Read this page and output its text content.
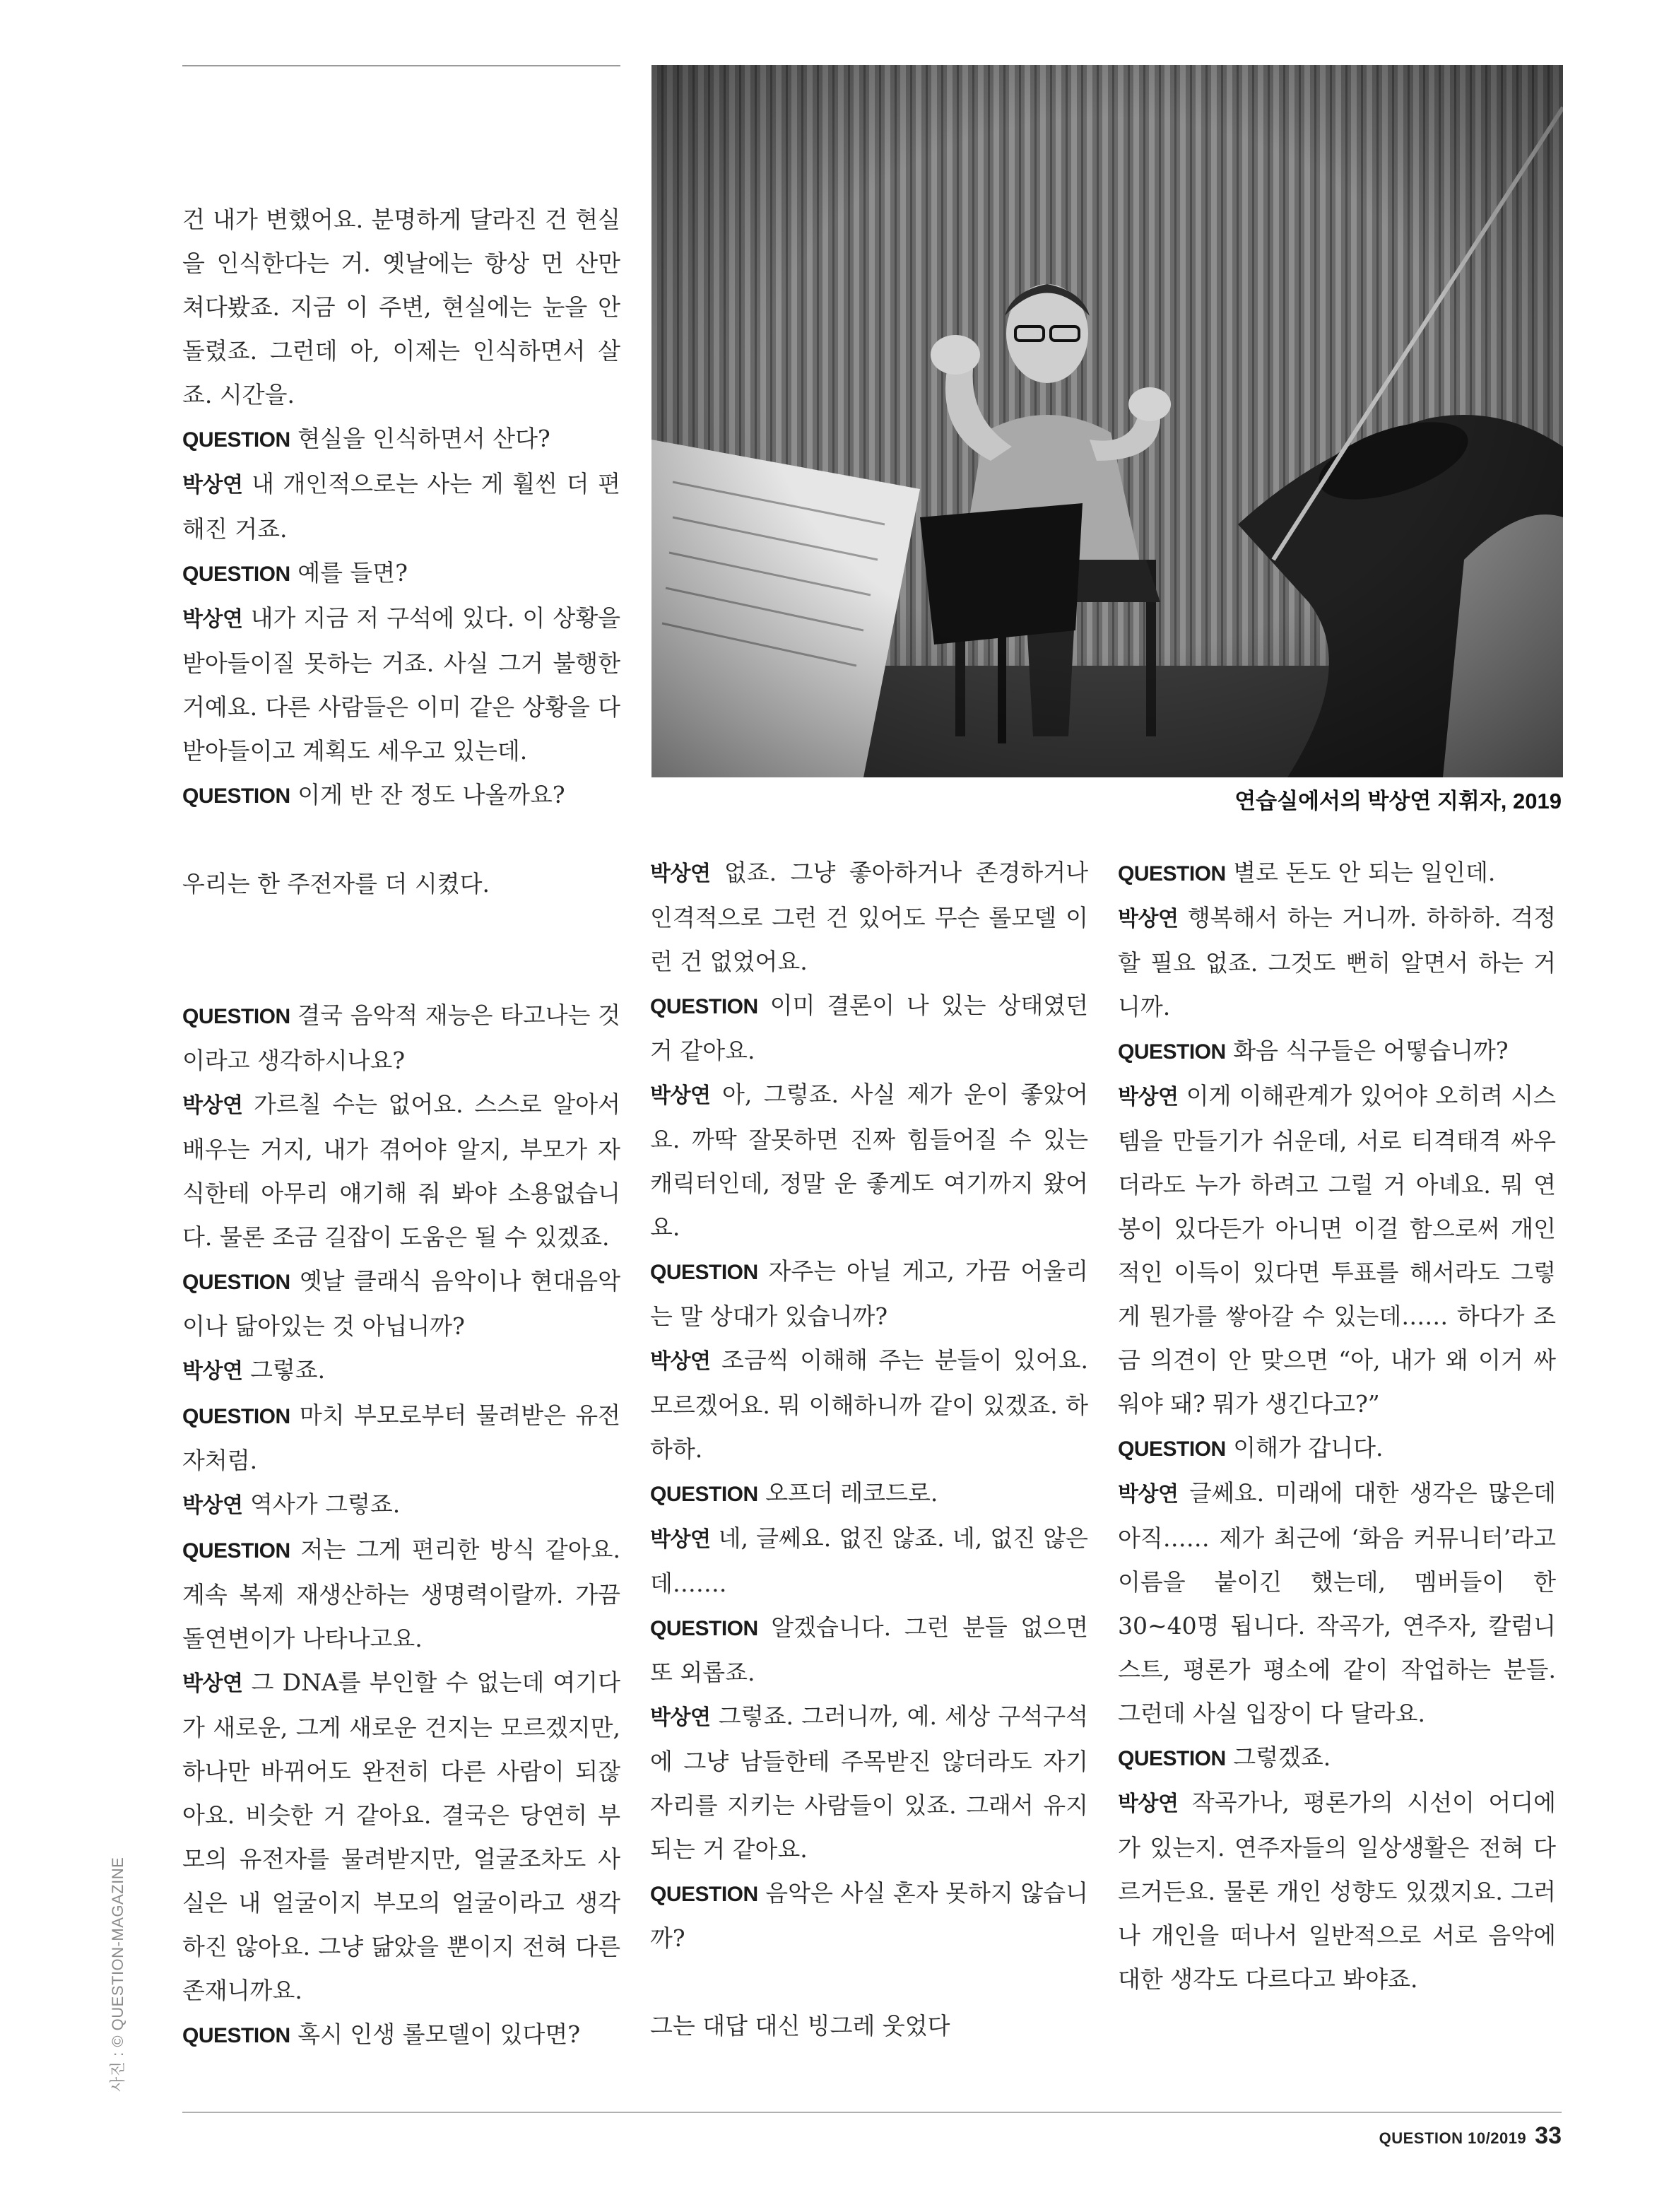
건 내가 변했어요. 분명하게 달라진 건 현실을 인식한다는 거. 옛날에는 항상 먼 산만 쳐다봤죠. 지금 이 주변, 현실에는 눈을 안 돌렸죠. 그런데 아, 이제는 인식하면서 살죠. 시간을.

QUESTION 현실을 인식하면서 산다?

박상연 내 개인적으로는 사는 게 훨씬 더 편해진 거죠.

QUESTION 예를 들면?

박상연 내가 지금 저 구석에 있다. 이 상황을 받아들이질 못하는 거죠. 사실 그거 불행한 거예요. 다른 사람들은 이미 같은 상황을 다 받아들이고 계획도 세우고 있는데.

QUESTION 이게 반 잔 정도 나올까요?

우리는 한 주전자를 더 시켰다.

QUESTION 결국 음악적 재능은 타고나는 것이라고 생각하시나요?

박상연 가르칠 수는 없어요. 스스로 알아서 배우는 거지, 내가 겪어야 알지, 부모가 자식한테 아무리 얘기해 줘 봐야 소용없습니다. 물론 조금 길잡이 도움은 될 수 있겠죠.

QUESTION 옛날 클래식 음악이나 현대음악이나 닮아있는 것 아닙니까?

박상연 그렇죠.

QUESTION 마치 부모로부터 물려받은 유전자처럼.

박상연 역사가 그렇죠.

QUESTION 저는 그게 편리한 방식 같아요. 계속 복제 재생산하는 생명력이랄까. 가끔 돌연변이가 나타나고요.

박상연 그 DNA를 부인할 수 없는데 여기다가 새로운, 그게 새로운 건지는 모르겠지만, 하나만 바뀌어도 완전히 다른 사람이 되잖아요. 비슷한 거 같아요. 결국은 당연히 부모의 유전자를 물려받지만, 얼굴조차도 사실은 내 얼굴이지 부모의 얼굴이라고 생각하진 않아요. 그냥 닮았을 뿐이지 전혀 다른 존재니까요.

QUESTION 혹시 인생 롤모델이 있다면?

연습실에서의 박상연 지휘자, 2019

박상연 없죠. 그냥 좋아하거나 존경하거나 인격적으로 그런 건 있어도 무슨 롤모델 이런 건 없었어요.

QUESTION 이미 결론이 나 있는 상태였던 거 같아요.

박상연 아, 그렇죠. 사실 제가 운이 좋았어요. 까딱 잘못하면 진짜 힘들어질 수 있는 캐릭터인데, 정말 운 좋게도 여기까지 왔어요.

QUESTION 자주는 아닐 게고, 가끔 어울리는 말 상대가 있습니까?

박상연 조금씩 이해해 주는 분들이 있어요. 모르겠어요. 뭐 이해하니까 같이 있겠죠. 하하하.

QUESTION 오프더 레코드로.

박상연 네, 글쎄요. 없진 않죠. 네, 없진 않은데…….

QUESTION 알겠습니다. 그런 분들 없으면 또 외롭죠.

박상연 그렇죠. 그러니까, 예. 세상 구석구석에 그냥 남들한테 주목받진 않더라도 자기 자리를 지키는 사람들이 있죠. 그래서 유지되는 거 같아요.

QUESTION 음악은 사실 혼자 못하지 않습니까?

그는 대답 대신 빙그레 웃었다

QUESTION 별로 돈도 안 되는 일인데.

박상연 행복해서 하는 거니까. 하하하. 걱정할 필요 없죠. 그것도 뻔히 알면서 하는 거니까.

QUESTION 화음 식구들은 어떻습니까?

박상연 이게 이해관계가 있어야 오히려 시스템을 만들기가 쉬운데, 서로 티격태격 싸우더라도 누가 하려고 그럴 거 아녜요. 뭐 연봉이 있다든가 아니면 이걸 함으로써 개인적인 이득이 있다면 투표를 해서라도 그렇게 뭔가를 쌓아갈 수 있는데…… 하다가 조금 의견이 안 맞으면 “아, 내가 왜 이거 싸워야 돼? 뭐가 생긴다고?”

QUESTION 이해가 갑니다.

박상연 글쎄요. 미래에 대한 생각은 많은데 아직…… 제가 최근에 ‘화음 커뮤니터’라고 이름을 붙이긴 했는데, 멤버들이 한 30~40명 됩니다. 작곡가, 연주자, 칼럼니스트, 평론가 평소에 같이 작업하는 분들. 그런데 사실 입장이 다 달라요.

QUESTION 그렇겠죠.

박상연 작곡가나, 평론가의 시선이 어디에 가 있는지. 연주자들의 일상생활은 전혀 다르거든요. 물론 개인 성향도 있겠지요. 그러나 개인을 떠나서 일반적으로 서로 음악에 대한 생각도 다르다고 봐야죠.

사진 : © QUESTION-MAGAZINE
QUESTION 10/2019 33
